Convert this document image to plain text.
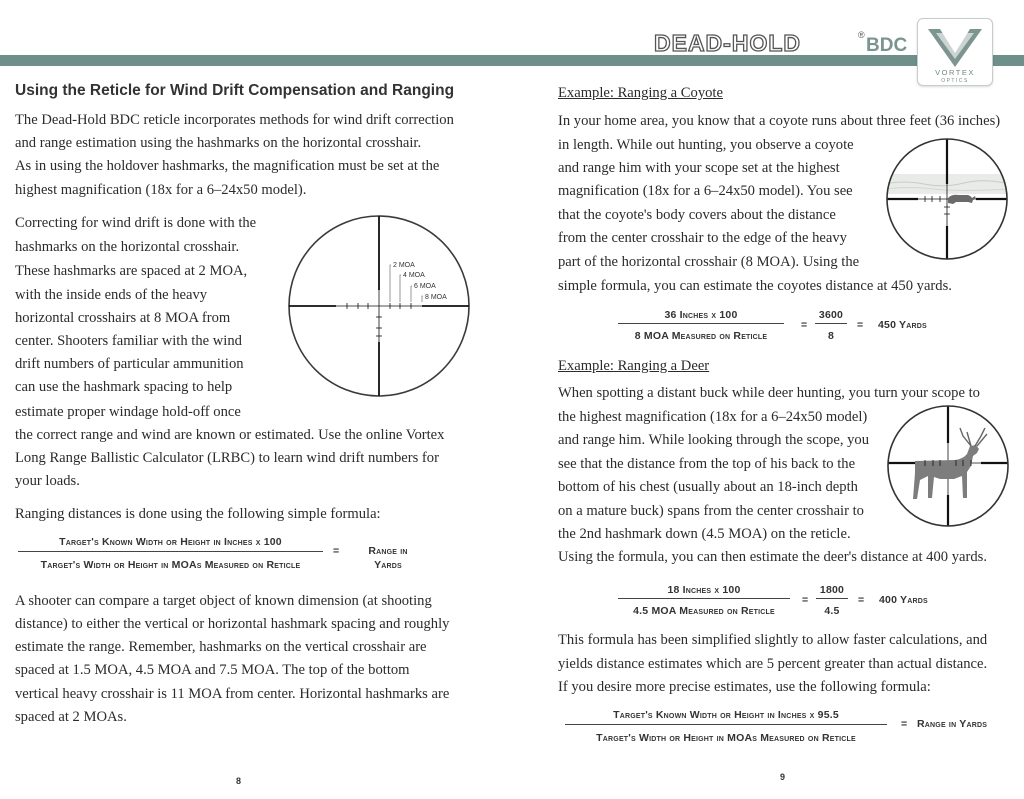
DEAD-HOLD	® BDC
VORTEX
OPTICS
Using the Reticle for Wind Drift Compensation and Ranging
The Dead-Hold BDC reticle incorporates methods for wind drift correction
and range estimation using the hashmarks on the horizontal crosshair.
As in using the holdover hashmarks, the magnification must be set at the
highest magnification (18x for a 6–24x50 model).
Correcting for wind drift is done with the
hashmarks on the horizontal crosshair.
These hashmarks are spaced at 2 MOA,
with the inside ends of the heavy
horizontal crosshairs at 8 MOA from
center. Shooters familiar with the wind
drift numbers of particular ammunition
can use the hashmark spacing to help
estimate proper windage hold-off once
the correct range and wind are known or estimated. Use the online Vortex
Long Range Ballistic Calculator (LRBC) to learn wind drift numbers for
your loads.
2 MOA
4 MOA
6 MOA
8 MOA
Ranging distances is done using the following simple formula:
Target's Known Width or Height in Inches x 100
Target's Width or Height in MOAs Measured on Reticle
=	Range in
Yards
A shooter can compare a target object of known dimension (at shooting
distance) to either the vertical or horizontal hashmark spacing and roughly
estimate the range. Remember, hashmarks on the vertical crosshair are
spaced at 1.5 MOA, 4.5 MOA and 7.5 MOA. The top of the bottom
vertical heavy crosshair is 11 MOA from center. Horizontal hashmarks are
spaced at 2 MOAs.
8
Example: Ranging a Coyote
In your home area, you know that a coyote runs about three feet (36 inches)
in length. While out hunting, you observe a coyote
and range him with your scope set at the highest
magnification (18x for a 6–24x50 model). You see
that the coyote's body covers about the distance
from the center crosshair to the edge of the heavy
part of the horizontal crosshair (8 MOA). Using the
simple formula, you can estimate the coyotes distance at 450 yards.
36 Inches x 100
8 MOA Measured on Reticle
=
3600
8
= 450 Yards
Example: Ranging a Deer
When spotting a distant buck while deer hunting, you turn your scope to
the highest magnification (18x for a 6–24x50 model)
and range him. While looking through the scope, you
see that the distance from the top of his back to the
bottom of his chest (usually about an 18-inch depth
on a mature buck) spans from the center crosshair to
the 2nd hashmark down (4.5 MOA) on the reticle.
Using the formula, you can then estimate the deer's distance at 400 yards.
18 Inches x 100
4.5 MOA Measured on Reticle
=
1800
4.5
= 400 Yards
This formula has been simplified slightly to allow faster calculations, and
yields distance estimates which are 5 percent greater than actual distance.
If you desire more precise estimates, use the following formula:
Target's Known Width or Height in Inches x 95.5
Target's Width or Height in MOAs Measured on Reticle
= Range in Yards
9
